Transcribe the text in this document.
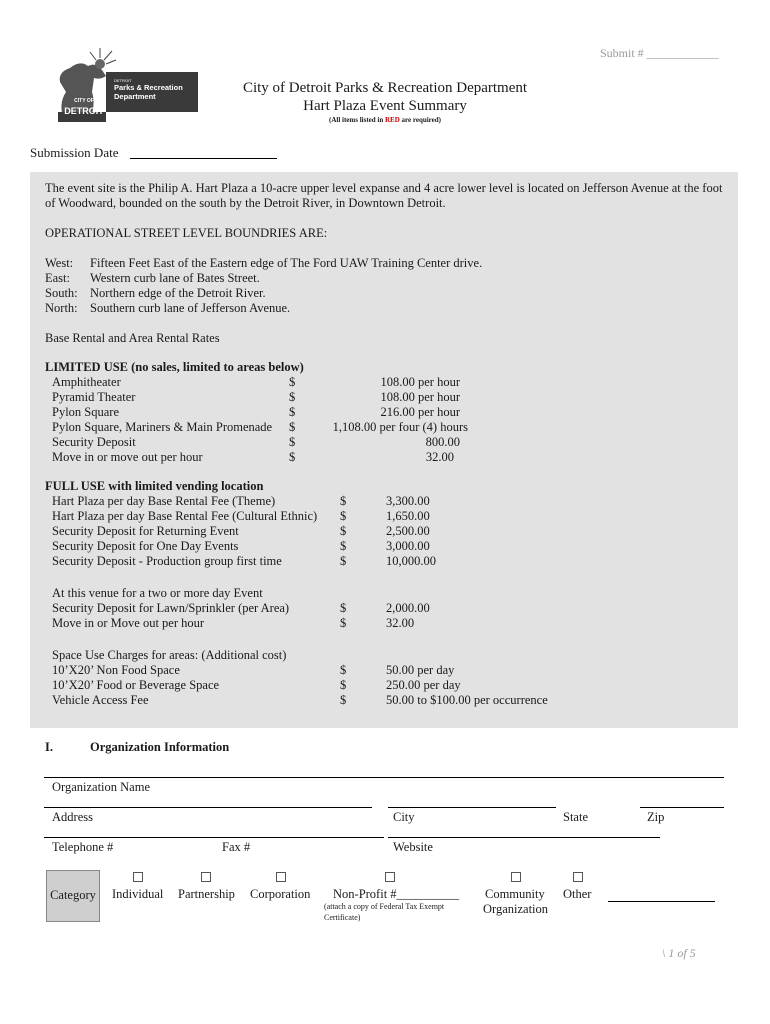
Submit # ____________
DETROIT
Parks & Recreation
Department
CITY OF
DETROIT
City of Detroit Parks & Recreation Department
Hart Plaza Event Summary
(All items listed in RED are required)
Submission Date
The event site is the Philip A. Hart Plaza a 10-acre upper level expanse and 4 acre lower level is located on Jefferson Avenue at the foot
of Woodward, bounded on the south by the Detroit River, in Downtown Detroit.
OPERATIONAL STREET LEVEL BOUNDRIES ARE:
West: Fifteen Feet East of the Eastern edge of The Ford UAW Training Center drive.
East: Western curb lane of Bates Street.
South: Northern edge of the Detroit River.
North: Southern curb lane of Jefferson Avenue.
Base Rental and Area Rental Rates
LIMITED USE (no sales, limited to areas below)
Amphitheater	$	108.00 per hour
Pyramid Theater	$	108.00 per hour
Pylon Square	$	216.00 per hour
Pylon Square, Mariners & Main Promenade $	1,108.00 per four (4) hours
Security Deposit	$	800.00
Move in or move out per hour	$	32.00
FULL USE with limited vending location
Hart Plaza per day Base Rental Fee (Theme)	$	3,300.00
Hart Plaza per day Base Rental Fee (Cultural Ethnic) $	1,650.00
Security Deposit for Returning Event	$	2,500.00
Security Deposit for One Day Events	$	3,000.00
Security Deposit - Production group first time	$	10,000.00
At this venue for a two or more day Event
Security Deposit for Lawn/Sprinkler (per Area)	$	2,000.00
Move in or Move out per hour	$	32.00
Space Use Charges for areas: (Additional cost)
10’X20’ Non Food Space	$	50.00 per day
10’X20’ Food or Beverage Space	$	250.00 per day
Vehicle Access Fee	$	50.00 to $100.00 per occurrence
I.	Organization Information
Organization Name
Address	City	State	Zip
Telephone #	Fax #	Website
Category	Individual Partnership Corporation Non-Profit #__________
(attach a copy of Federal Tax Exempt
Certificate)
Community
Organization
Other
\ 1 of 5
